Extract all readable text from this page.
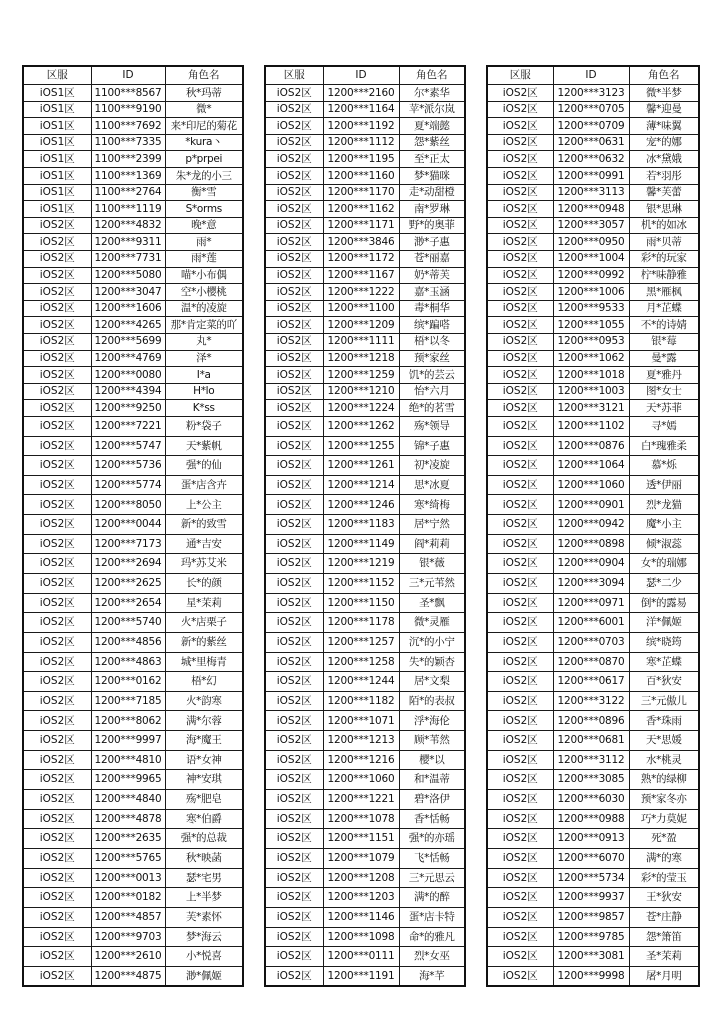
区服	ID	角色名
iOS1区	1100***8567	秋*玛蒂
iOS1区	1100***9190	微*
iOS1区	1100***7692	来*印尼的菊花
iOS1区	1100***7335	*kura丶
iOS1区	1100***2399	p*prpei
iOS1区	1100***1369	朱*龙的小三
iOS1区	1100***2764	衡*雪
iOS1区	1100***1119	S*orms
iOS2区	1200***4832	晚*意
iOS2区	1200***9311	雨*
iOS2区	1200***7731	雨*莲
iOS2区	1200***5080	喵*小布偶
iOS2区	1200***3047	空*小樱桃
iOS2区	1200***1606	温*的凌旋
iOS2区	1200***4265	那*肯定菜的吖
iOS2区	1200***5699	丸*
iOS2区	1200***4769	泽*
iOS2区	1200***0080	I*a
iOS2区	1200***4394	H*lo
iOS2区	1200***9250	K*ss
iOS2区	1200***7221	粉*袋子
iOS2区	1200***5747	天*紫帆
iOS2区	1200***5736	强*的仙
iOS2区	1200***5774	蛋*店含卉
iOS2区	1200***8050	上*公主
iOS2区	1200***0044	新*的致雪
iOS2区	1200***7173	通*吉安
iOS2区	1200***2694	玛*苏艾米
iOS2区	1200***2625	长*的颜
iOS2区	1200***2654	星*茉莉
iOS2区	1200***5740	火*店栗子
iOS2区	1200***4856	新*的紫丝
iOS2区	1200***4863	城*里梅青
iOS2区	1200***0162	梧*幻
iOS2区	1200***7185	火*韵寒
iOS2区	1200***8062	满*尔蓉
iOS2区	1200***9997	海*魔王
iOS2区	1200***4810	语*女神
iOS2区	1200***9965	神*安琪
iOS2区	1200***4840	殇*肥皂
iOS2区	1200***4878	寒*伯爵
iOS2区	1200***2635	强*的总裁
iOS2区	1200***5765	秋*映菡
iOS2区	1200***0013	瑟*宅男
iOS2区	1200***0182	上*半梦
iOS2区	1200***4857	芙*素怀
iOS2区	1200***9703	梦*海云
iOS2区	1200***2610	小*悦喜
iOS2区	1200***4875	渺*佩姬
区服	ID	角色名
iOS2区	1200***2160	尔*素华
iOS2区	1200***1164	苹*派尔岚
iOS2区	1200***1192	夏*端懿
iOS2区	1200***1112	怨*紫丝
iOS2区	1200***1195	至*正太
iOS2区	1200***1160	梦*猫咪
iOS2区	1200***1170	走*动甜橙
iOS2区	1200***1162	南*罗琳
iOS2区	1200***1171	野*的奥菲
iOS2区	1200***3846	渺*子惠
iOS2区	1200***1172	苍*丽嘉
iOS2区	1200***1167	奶*蒂芙
iOS2区	1200***1222	嘉*玉涵
iOS2区	1200***1100	毒*桐华
iOS2区	1200***1209	缤*蹁嗒
iOS2区	1200***1111	梧*以冬
iOS2区	1200***1218	预*家丝
iOS2区	1200***1259	饥*的芸云
iOS2区	1200***1210	怡*六月
iOS2区	1200***1224	绝*的茗雪
iOS2区	1200***1262	殇*领导
iOS2区	1200***1255	锦*子惠
iOS2区	1200***1261	初*凌旋
iOS2区	1200***1214	思*冰夏
iOS2区	1200***1246	寒*绮梅
iOS2区	1200***1183	居*宁然
iOS2区	1200***1149	阎*莉莉
iOS2区	1200***1219	银*薇
iOS2区	1200***1152	三*元苇然
iOS2区	1200***1150	圣*飘
iOS2区	1200***1178	微*灵雁
iOS2区	1200***1257	沉*的小宁
iOS2区	1200***1258	失*的颖杏
iOS2区	1200***1244	居*文梨
iOS2区	1200***1182	陌*的表叔
iOS2区	1200***1071	浮*海伦
iOS2区	1200***1213	顾*苇然
iOS2区	1200***1216	樱*以
iOS2区	1200***1060	和*温蒂
iOS2区	1200***1221	碧*洛伊
iOS2区	1200***1078	香*恬畅
iOS2区	1200***1151	强*的亦瑶
iOS2区	1200***1079	飞*恬畅
iOS2区	1200***1208	三*元思云
iOS2区	1200***1203	满*的醉
iOS2区	1200***1146	蛋*店卡特
iOS2区	1200***1098	命*的雅凡
iOS2区	1200***0111	烈*女巫
iOS2区	1200***1191	海*芊
区服	ID	角色名
iOS2区	1200***3123	微*半梦
iOS2区	1200***0705	馨*迎曼
iOS2区	1200***0709	薄*味翼
iOS2区	1200***0631	宠*的娜
iOS2区	1200***0632	冰*黛娥
iOS2区	1200***0991	若*羽彤
iOS2区	1200***3113	馨*芙蕾
iOS2区	1200***0948	银*思琳
iOS2区	1200***3057	机*的如冰
iOS2区	1200***0950	雨*贝蒂
iOS2区	1200***1004	彩*的玩家
iOS2区	1200***0992	柠*味静雅
iOS2区	1200***1006	黑*雁枫
iOS2区	1200***9533	月*芷蝶
iOS2区	1200***1055	不*的诗婧
iOS2区	1200***0953	银*莓
iOS2区	1200***1062	曼*露
iOS2区	1200***1018	夏*雅丹
iOS2区	1200***1003	图*女士
iOS2区	1200***3121	天*苏菲
iOS2区	1200***1102	寻*嫣
iOS2区	1200***0876	白*瑰雅柔
iOS2区	1200***1064	慕*烁
iOS2区	1200***1060	透*伊丽
iOS2区	1200***0901	烈*龙猫
iOS2区	1200***0942	魔*小主
iOS2区	1200***0898	倾*淑蕊
iOS2区	1200***0904	女*的瑞娜
iOS2区	1200***3094	瑟*二少
iOS2区	1200***0971	倒*的露易
iOS2区	1200***6001	洋*佩姬
iOS2区	1200***0703	缤*晓筠
iOS2区	1200***0870	寒*芷蝶
iOS2区	1200***0617	百*狄安
iOS2区	1200***3122	三*元傲儿
iOS2区	1200***0896	香*珠雨
iOS2区	1200***0681	天*思媛
iOS2区	1200***3112	水*桃灵
iOS2区	1200***3085	熟*的绿柳
iOS2区	1200***6030	预*家冬亦
iOS2区	1200***0988	巧*力莫妮
iOS2区	1200***0913	死*盈
iOS2区	1200***6070	满*的寒
iOS2区	1200***5734	彩*的莹玉
iOS2区	1200***9937	王*狄安
iOS2区	1200***9857	苍*庄静
iOS2区	1200***9785	怨*箫笛
iOS2区	1200***3081	圣*茉莉
iOS2区	1200***9998	屠*月明
